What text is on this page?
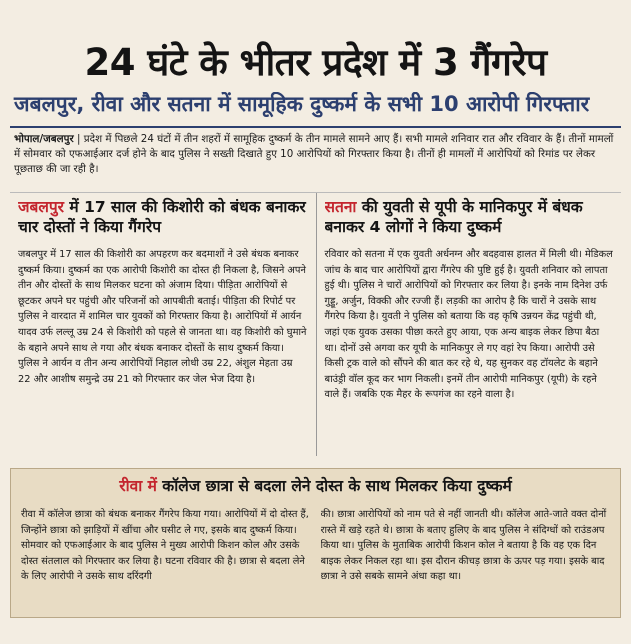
24 घंटे के भीतर प्रदेश में 3 गैंगरेप
जबलपुर, रीवा और सतना में सामूहिक दुष्कर्म के सभी 10 आरोपी गिरफ्तार
भोपाल/जबलपुर | प्रदेश में पिछले 24 घंटों में तीन शहरों में सामूहिक दुष्कर्म के तीन मामले सामने आए हैं। सभी मामले शनिवार रात और रविवार के हैं। तीनों मामलों में सोमवार को एफआईआर दर्ज होने के बाद पुलिस ने सख्ती दिखाते हुए 10 आरोपियों को गिरफ्तार किया है। तीनों ही मामलों में आरोपियों को रिमांड पर लेकर पूछताछ की जा रही है।
जबलपुर में 17 साल की किशोरी को बंधक बनाकर चार दोस्तों ने किया गैंगरेप
जबलपुर में 17 साल की किशोरी का अपहरण कर बदमाशों ने उसे बंधक बनाकर दुष्कर्म किया। दुष्कर्म का एक आरोपी किशोरी का दोस्त ही निकला है, जिसने अपने तीन और दोस्तों के साथ मिलकर घटना को अंजाम दिया। पीड़िता आरोपियों से छूटकर अपने घर पहुंची और परिजनों को आपबीती बताई। पीड़िता की रिपोर्ट पर पुलिस ने वारदात में शामिल चार युवकों को गिरफ्तार किया है। आरोपियों में आर्यन यादव उर्फ लल्लू उम्र 24 से किशोरी को पहले से जानता था। वह किशोरी को घुमाने के बहाने अपने साथ ले गया और बंधक बनाकर दोस्तों के साथ दुष्कर्म किया। पुलिस ने आर्यन व तीन अन्य आरोपियों निहाल लोधी उम्र 22, अंशुल मेहता उम्र 22 और आशीष समुन्द्रे उम्र 21 को गिरफ्तार कर जेल भेज दिया है।
सतना की युवती से यूपी के मानिकपुर में बंधक बनाकर 4 लोगों ने किया दुष्कर्म
रविवार को सतना में एक युवती अर्धनग्न और बदहवास हालत में मिली थी। मेडिकल जांच के बाद चार आरोपियों द्वारा गैंगरेप की पुष्टि हुई है। युवती शनिवार को लापता हुई थी। पुलिस ने चारों आरोपियों को गिरफ्तार कर लिया है। इनके नाम दिनेश उर्फ गुड्डू, अर्जुन, विक्की और रज्जी हैं। लड़की का आरोप है कि चारों ने उसके साथ गैंगरेप किया है। युवती ने पुलिस को बताया कि वह कृषि उन्नयन केंद्र पहुंची थी, जहां एक युवक उसका पीछा करते हुए आया, एक अन्य बाइक लेकर छिपा बैठा था। दोनों उसे अगवा कर यूपी के मानिकपुर ले गए वहां रेप किया। आरोपी उसे किसी ट्रक वाले को सौंपने की बात कर रहे थे, यह सुनकर वह टॉयलेट के बहाने बाउंड्री वॉल कूद कर भाग निकली। इनमें तीन आरोपी मानिकपुर (यूपी) के रहने वाले हैं। जबकि एक मैहर के रूपगंज का रहने वाला है।
रीवा में कॉलेज छात्रा से बदला लेने दोस्त के साथ मिलकर किया दुष्कर्म
रीवा में कॉलेज छात्रा को बंधक बनाकर गैंगरेप किया गया। आरोपियों में दो दोस्त हैं, जिन्होंने छात्रा को झाड़ियों में खींचा और घसीट ले गए, इसके बाद दुष्कर्म किया। सोमवार को एफआईआर के बाद पुलिस ने मुख्य आरोपी किशन कोल और उसके दोस्त संतलाल को गिरफ्तार कर लिया है। घटना रविवार की है। छात्रा से बदला लेने के लिए आरोपी ने उसके साथ दरिंदगी
की। छात्रा आरोपियों को नाम पते से नहीं जानती थी। कॉलेज आते-जाते वक्त दोनों रास्ते में खड़े रहते थे। छात्रा के बताए हुलिए के बाद पुलिस ने संदिग्धों को राउंडअप किया था। पुलिस के मुताबिक आरोपी किशन कोल ने बताया है कि वह एक दिन बाइक लेकर निकल रहा था। इस दौरान कीचड़ छात्रा के ऊपर पड़ गया। इसके बाद छात्रा ने उसे सबके सामने अंधा कहा था।
